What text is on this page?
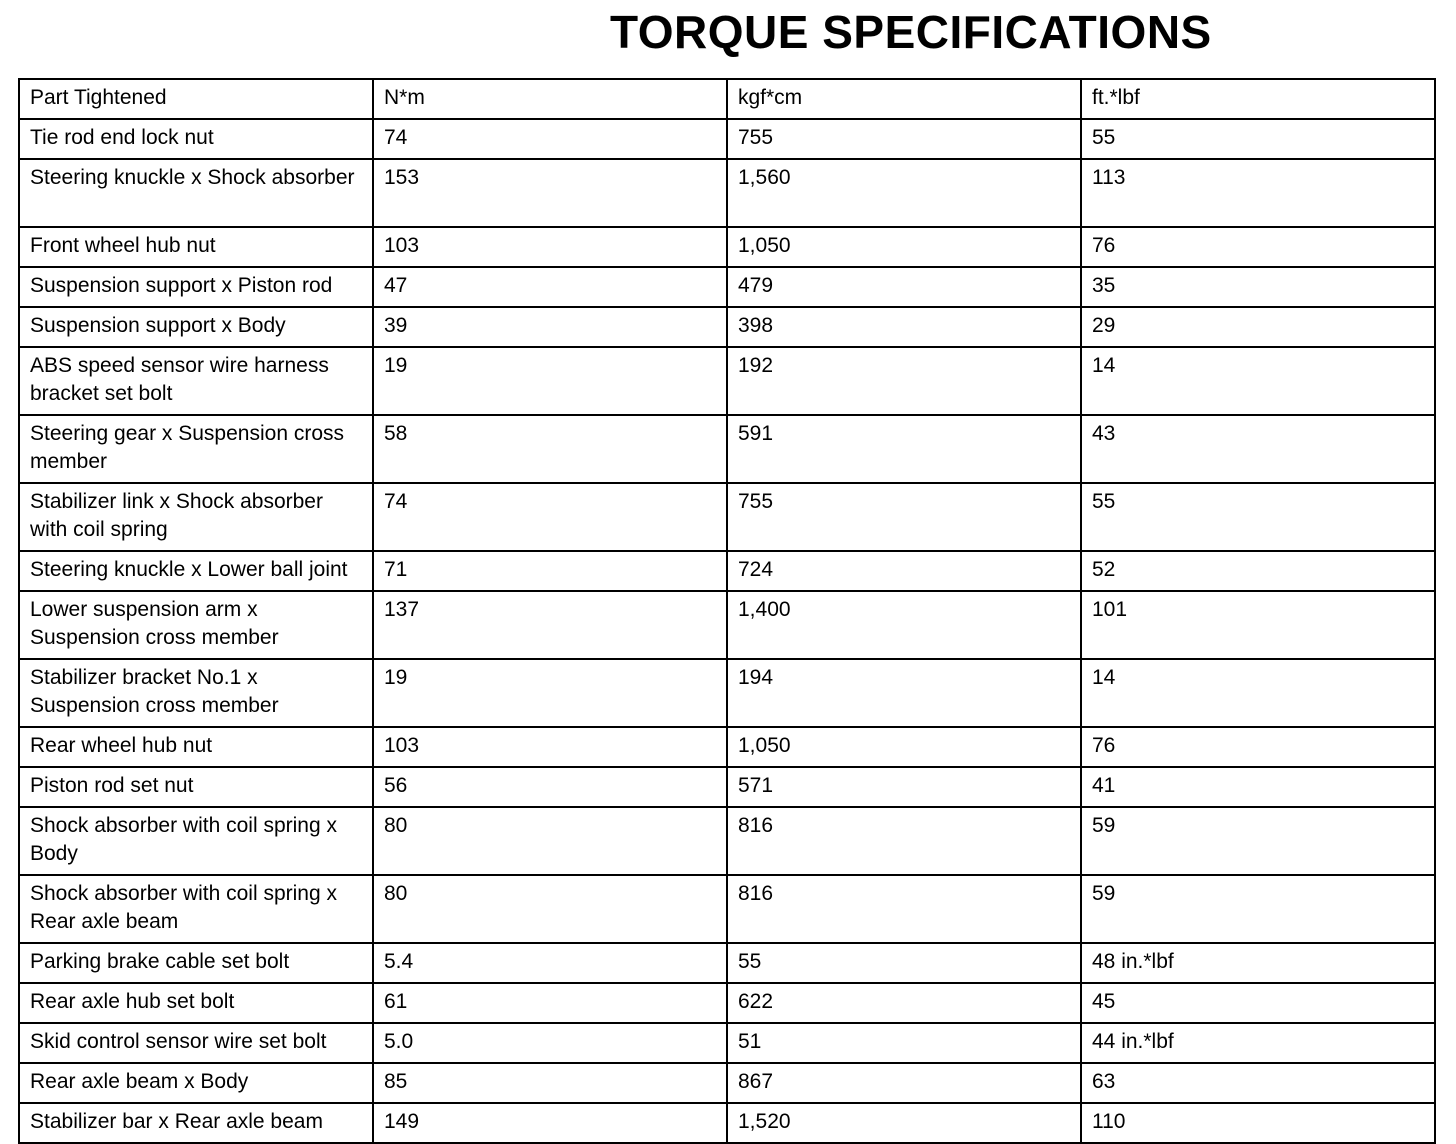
TORQUE SPECIFICATIONS
Part Tightened	N*m	kgf*cm	ft.*lbf
Tie rod end lock nut	74	755	55
Steering knuckle x Shock absorber	153	1,560	113
Front wheel hub nut	103	1,050	76
Suspension support x Piston rod	47	479	35
Suspension support x Body	39	398	29
ABS speed sensor wire harness bracket set bolt	19	192	14
Steering gear x Suspension cross member	58	591	43
Stabilizer link x Shock absorber with coil spring	74	755	55
Steering knuckle x Lower ball joint	71	724	52
Lower suspension arm x Suspension cross member	137	1,400	101
Stabilizer bracket No.1 x Suspension cross member	19	194	14
Rear wheel hub nut	103	1,050	76
Piston rod set nut	56	571	41
Shock absorber with coil spring x Body	80	816	59
Shock absorber with coil spring x Rear axle beam	80	816	59
Parking brake cable set bolt	5.4	55	48 in.*lbf
Rear axle hub set bolt	61	622	45
Skid control sensor wire set bolt	5.0	51	44 in.*lbf
Rear axle beam x Body	85	867	63
Stabilizer bar x Rear axle beam	149	1,520	110
